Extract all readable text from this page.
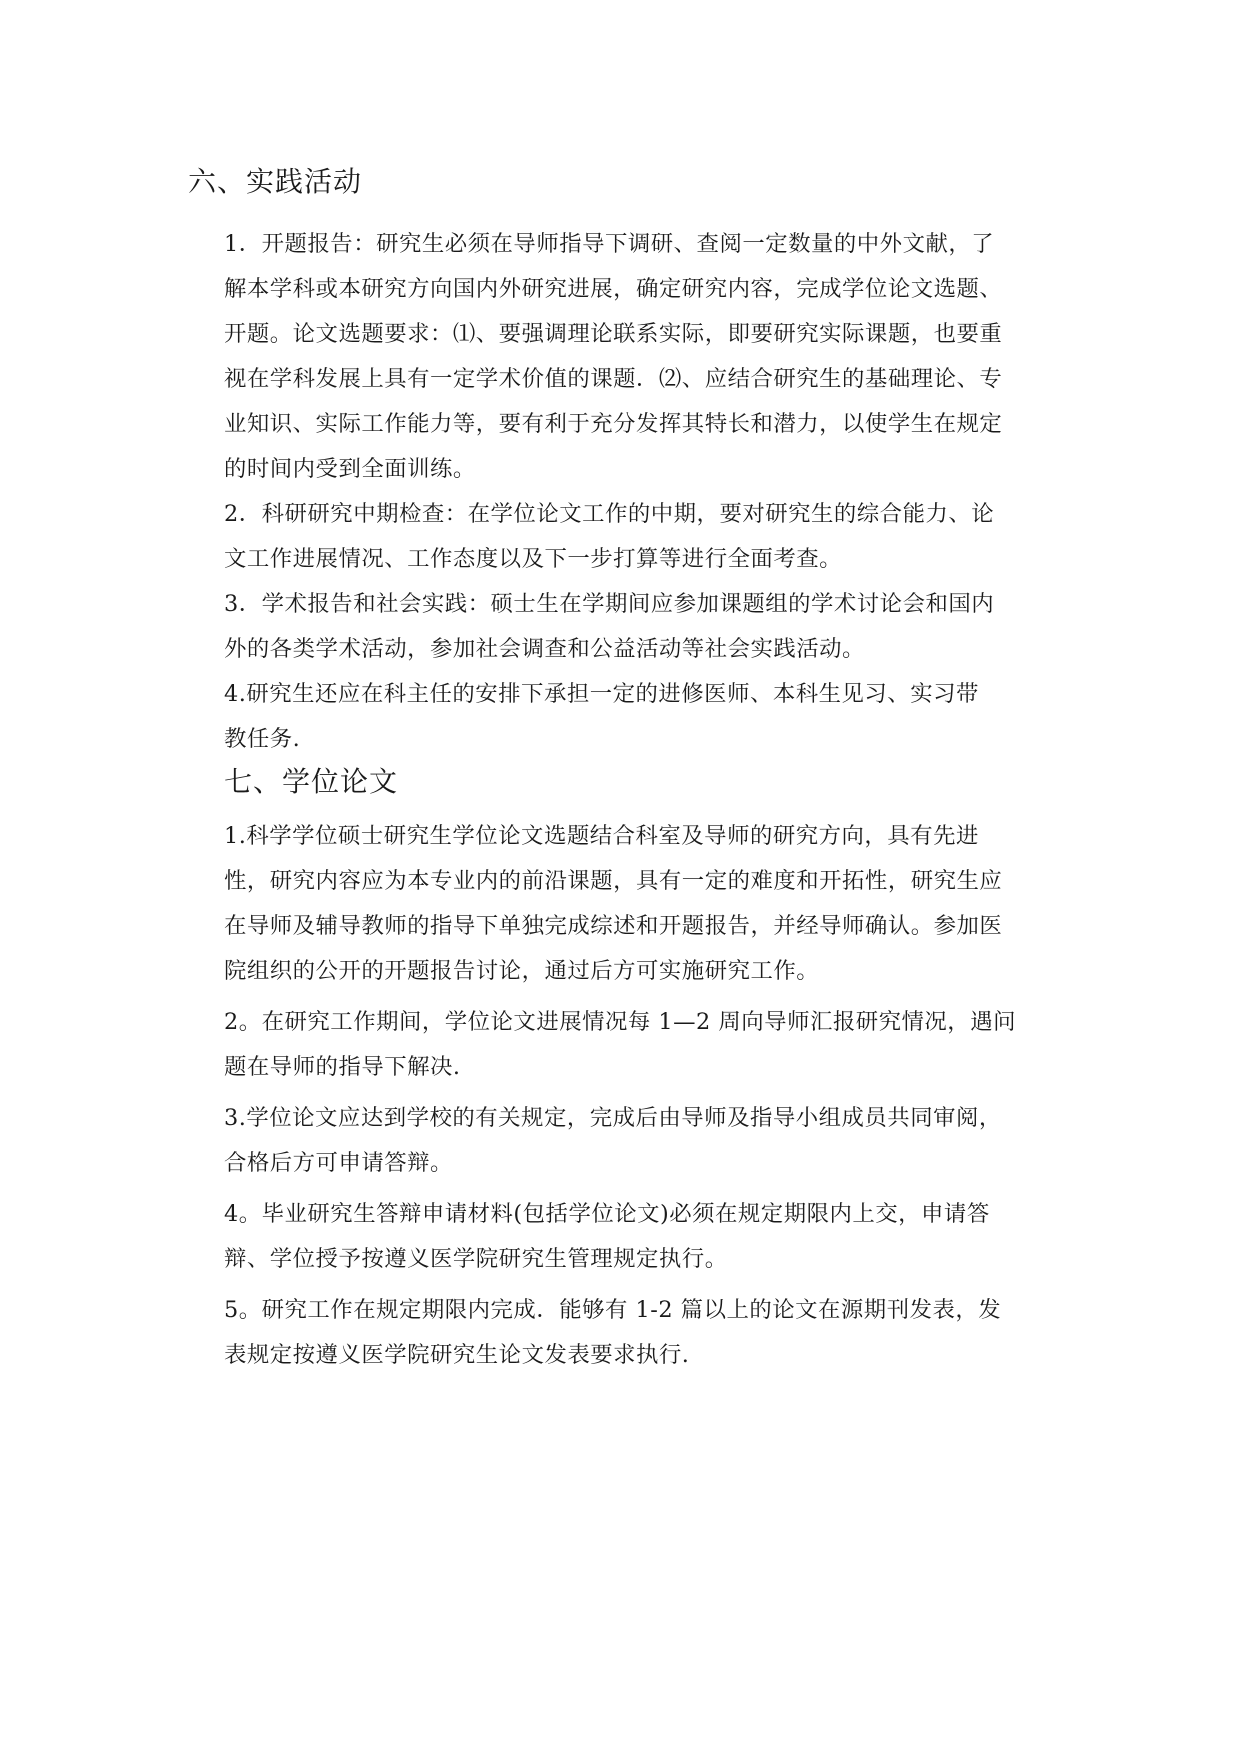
六、实践活动
1．开题报告：研究生必须在导师指导下调研、查阅一定数量的中外文献，了
解本学科或本研究方向国内外研究进展，确定研究内容，完成学位论文选题、
开题。论文选题要求：⑴、要强调理论联系实际，即要研究实际课题，也要重
视在学科发展上具有一定学术价值的课题．⑵、应结合研究生的基础理论、专
业知识、实际工作能力等，要有利于充分发挥其特长和潜力，以使学生在规定
的时间内受到全面训练。
2．科研研究中期检查：在学位论文工作的中期，要对研究生的综合能力、论
文工作进展情况、工作态度以及下一步打算等进行全面考查。
3．学术报告和社会实践：硕士生在学期间应参加课题组的学术讨论会和国内
外的各类学术活动，参加社会调查和公益活动等社会实践活动。
4.研究生还应在科主任的安排下承担一定的进修医师、本科生见习、实习带
教任务.
七、学位论文
1.科学学位硕士研究生学位论文选题结合科室及导师的研究方向，具有先进
性，研究内容应为本专业内的前沿课题，具有一定的难度和开拓性，研究生应
在导师及辅导教师的指导下单独完成综述和开题报告，并经导师确认。参加医
院组织的公开的开题报告讨论，通过后方可实施研究工作。
2。在研究工作期间，学位论文进展情况每 1—2 周向导师汇报研究情况，遇问
题在导师的指导下解决.
3.学位论文应达到学校的有关规定，完成后由导师及指导小组成员共同审阅，
合格后方可申请答辩。
4。毕业研究生答辩申请材料(包括学位论文)必须在规定期限内上交，申请答
辩、学位授予按遵义医学院研究生管理规定执行。
5。研究工作在规定期限内完成．能够有 1-2 篇以上的论文在源期刊发表，发
表规定按遵义医学院研究生论文发表要求执行.
